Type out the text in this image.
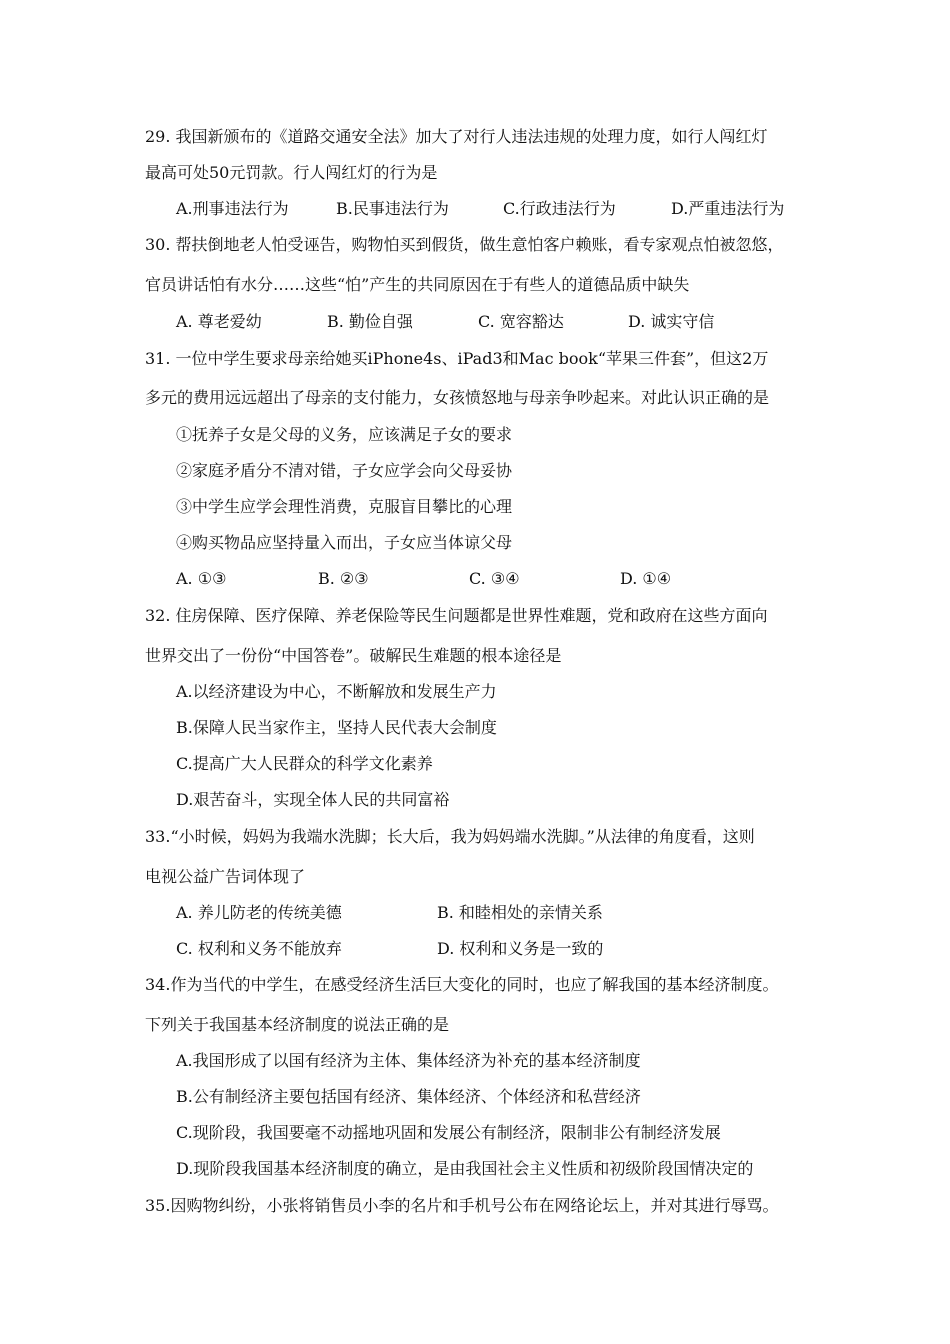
29. 我国新颁布的《道路交通安全法》加大了对行人违法违规的处理力度，如行人闯红灯
最高可处50元罚款。行人闯红灯的行为是
A.刑事违法行为	B.民事违法行为	C.行政违法行为	D.严重违法行为
30. 帮扶倒地老人怕受诬告，购物怕买到假货，做生意怕客户赖账，看专家观点怕被忽悠，
官员讲话怕有水分……这些“怕”产生的共同原因在于有些人的道德品质中缺失
A. 尊老爱幼	B. 勤俭自强	C. 宽容豁达	D. 诚实守信
31. 一位中学生要求母亲给她买iPhone4s、iPad3和Mac book“苹果三件套”，但这2万
多元的费用远远超出了母亲的支付能力，女孩愤怒地与母亲争吵起来。对此认识正确的是
①抚养子女是父母的义务，应该满足子女的要求
②家庭矛盾分不清对错，子女应学会向父母妥协
③中学生应学会理性消费，克服盲目攀比的心理
④购买物品应坚持量入而出，子女应当体谅父母
A. ①③	B. ②③	C. ③④	D. ①④
32. 住房保障、医疗保障、养老保险等民生问题都是世界性难题，党和政府在这些方面向
世界交出了一份份“中国答卷”。破解民生难题的根本途径是
A.以经济建设为中心，不断解放和发展生产力
B.保障人民当家作主，坚持人民代表大会制度
C.提高广大人民群众的科学文化素养
D.艰苦奋斗，实现全体人民的共同富裕
33.“小时候，妈妈为我端水洗脚；长大后，我为妈妈端水洗脚。”从法律的角度看，这则
电视公益广告词体现了
A. 养儿防老的传统美德	B. 和睦相处的亲情关系
C. 权利和义务不能放弃	D. 权利和义务是一致的
34.作为当代的中学生，在感受经济生活巨大变化的同时，也应了解我国的基本经济制度。
下列关于我国基本经济制度的说法正确的是
A.我国形成了以国有经济为主体、集体经济为补充的基本经济制度
B.公有制经济主要包括国有经济、集体经济、个体经济和私营经济
C.现阶段，我国要毫不动摇地巩固和发展公有制经济，限制非公有制经济发展
D.现阶段我国基本经济制度的确立，是由我国社会主义性质和初级阶段国情决定的
35.因购物纠纷，小张将销售员小李的名片和手机号公布在网络论坛上，并对其进行辱骂。
